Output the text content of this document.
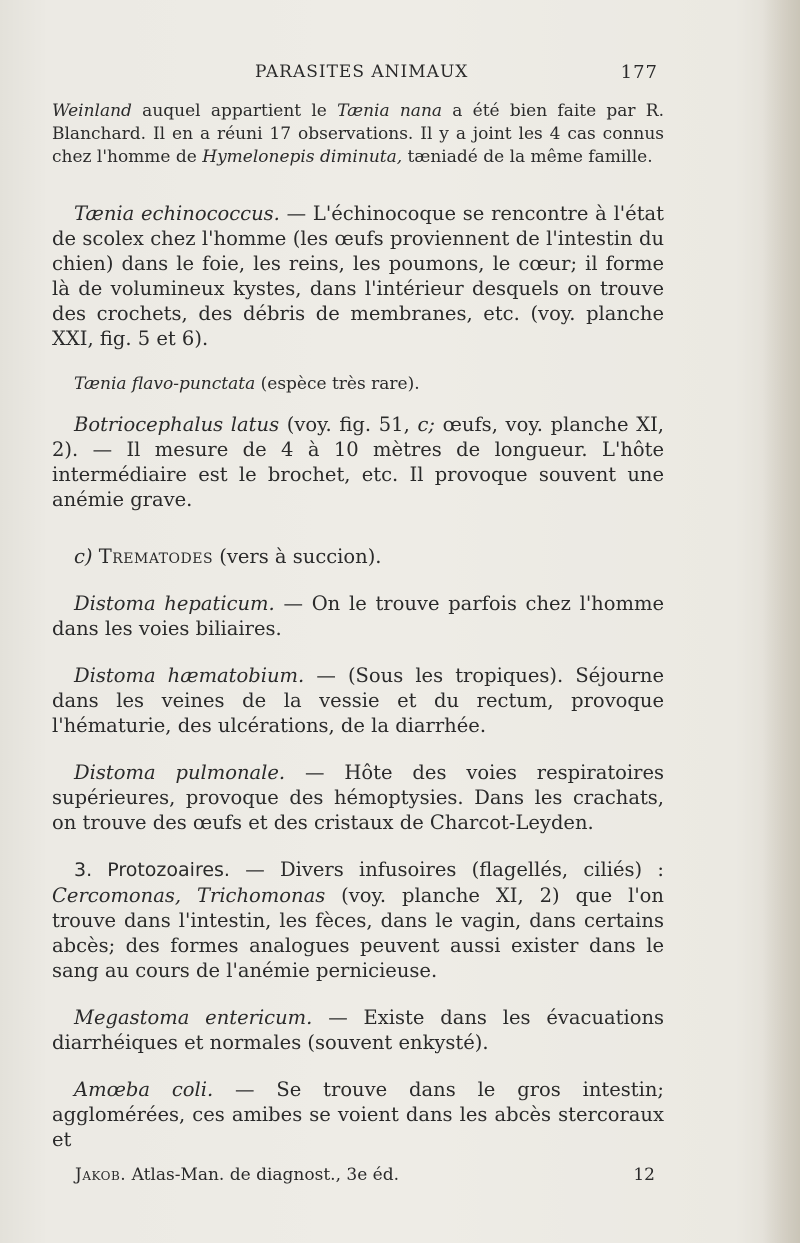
PARASITES ANIMAUX	177

Weinland auquel appartient le Tænia nana a été bien faite par R. Blanchard. Il en a réuni 17 observations. Il y a joint les 4 cas connus chez l'homme de Hymelonepis diminuta, tæniadé de la même famille.

Tænia echinococcus. — L'échinocoque se rencontre à l'état de scolex chez l'homme (les œufs proviennent de l'intestin du chien) dans le foie, les reins, les poumons, le cœur; il forme là de volumineux kystes, dans l'intérieur desquels on trouve des crochets, des débris de membranes, etc. (voy. planche XXI, fig. 5 et 6).

Tænia flavo-punctata (espèce très rare).

Botriocephalus latus (voy. fig. 51, c; œufs, voy. planche XI, 2). — Il mesure de 4 à 10 mètres de longueur. L'hôte intermédiaire est le brochet, etc. Il provoque souvent une anémie grave.

c) Trematodes (vers à succion).

Distoma hepaticum. — On le trouve parfois chez l'homme dans les voies biliaires.

Distoma hæmatobium. — (Sous les tropiques). Séjourne dans les veines de la vessie et du rectum, provoque l'hématurie, des ulcérations, de la diarrhée.

Distoma pulmonale. — Hôte des voies respiratoires supérieures, provoque des hémoptysies. Dans les crachats, on trouve des œufs et des cristaux de Charcot-Leyden.

3. Protozoaires. — Divers infusoires (flagellés, ciliés) : Cercomonas, Trichomonas (voy. planche XI, 2) que l'on trouve dans l'intestin, les fèces, dans le vagin, dans certains abcès; des formes analogues peuvent aussi exister dans le sang au cours de l'anémie pernicieuse.

Megastoma entericum. — Existe dans les évacuations diarrhéiques et normales (souvent enkysté).

Amœba coli. — Se trouve dans le gros intestin; agglomérées, ces amibes se voient dans les abcès stercoraux et

Jakob. Atlas-Man. de diagnost., 3e éd.	12
